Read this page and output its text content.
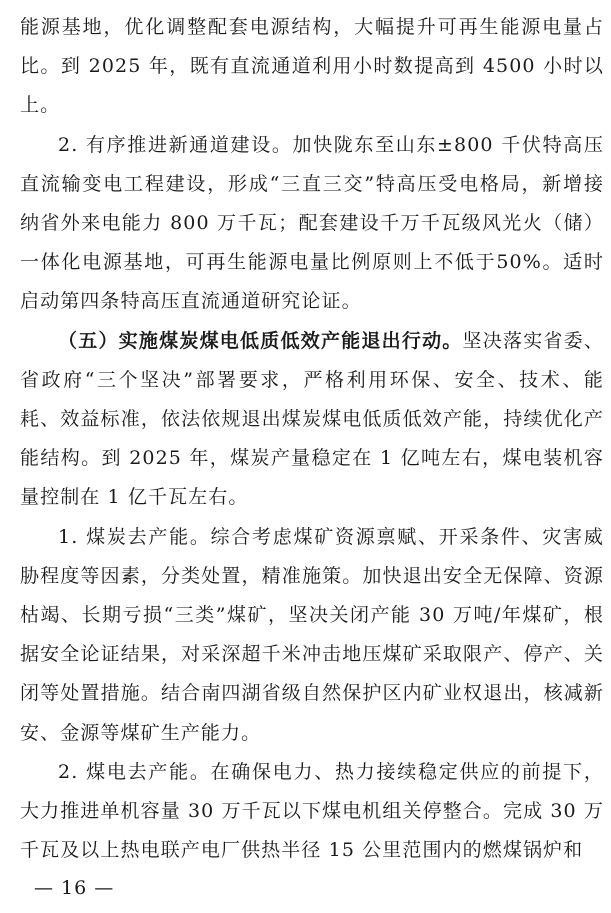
能源基地，优化调整配套电源结构，大幅提升可再生能源电量占比。到 2025 年，既有直流通道利用小时数提高到 4500 小时以上。

2. 有序推进新通道建设。加快陇东至山东±800 千伏特高压直流输变电工程建设，形成“三直三交”特高压受电格局，新增接纳省外来电能力 800 万千瓦；配套建设千万千瓦级风光火（储）一体化电源基地，可再生能源电量比例原则上不低于50%。适时启动第四条特高压直流通道研究论证。

（五）实施煤炭煤电低质低效产能退出行动。坚决落实省委、省政府“三个坚决”部署要求，严格利用环保、安全、技术、能耗、效益标准，依法依规退出煤炭煤电低质低效产能，持续优化产能结构。到 2025 年，煤炭产量稳定在 1 亿吨左右，煤电装机容量控制在 1 亿千瓦左右。

1. 煤炭去产能。综合考虑煤矿资源禀赋、开采条件、灾害威胁程度等因素，分类处置，精准施策。加快退出安全无保障、资源枯竭、长期亏损“三类”煤矿，坚决关闭产能 30 万吨/年煤矿，根据安全论证结果，对采深超千米冲击地压煤矿采取限产、停产、关闭等处置措施。结合南四湖省级自然保护区内矿业权退出，核减新安、金源等煤矿生产能力。

2. 煤电去产能。在确保电力、热力接续稳定供应的前提下，大力推进单机容量 30 万千瓦以下煤电机组关停整合。完成 30 万千瓦及以上热电联产电厂供热半径 15 公里范围内的燃煤锅炉和

— 16 —
